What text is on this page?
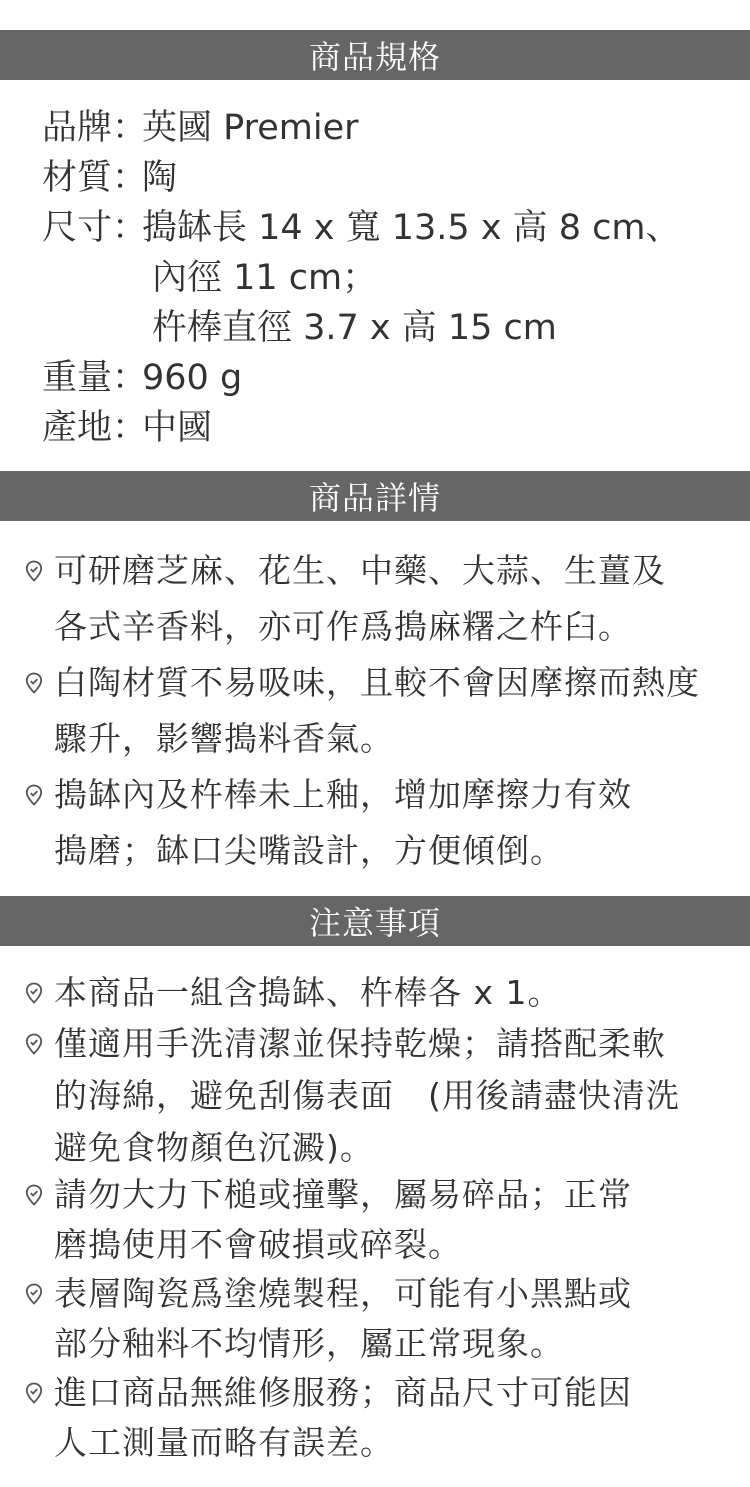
商品規格
品牌：英國 Premier
材質：陶
尺寸：搗缽長 14 x 寬 13.5 x 高 8 cm、
內徑 11 cm；
杵棒直徑 3.7 x 高 15 cm
重量：960 g
產地：中國
商品詳情
可研磨芝麻、花生、中藥、大蒜、生薑及
各式辛香料，亦可作爲搗麻糬之杵臼。
白陶材質不易吸味，且較不會因摩擦而熱度
驟升，影響搗料香氣。
搗缽內及杵棒未上釉，增加摩擦力有效
搗磨；缽口尖嘴設計，方便傾倒。
注意事項
本商品一組含搗缽、杵棒各 x 1。
僅適用手洗清潔並保持乾燥；請搭配柔軟
的海綿，避免刮傷表面　(用後請盡快清洗
避免食物顏色沉澱)。
請勿大力下槌或撞擊，屬易碎品；正常
磨搗使用不會破損或碎裂。
表層陶瓷爲塗燒製程，可能有小黑點或
部分釉料不均情形，屬正常現象。
進口商品無維修服務；商品尺寸可能因
人工測量而略有誤差。
